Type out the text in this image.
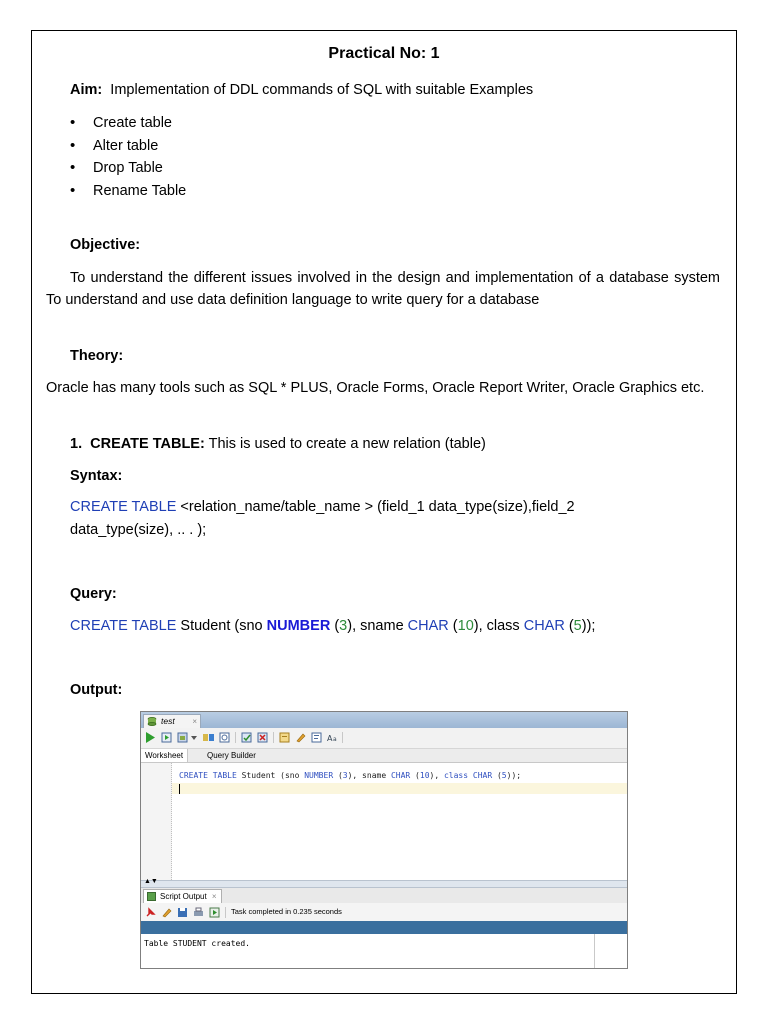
Practical No: 1

Aim: Implementation of DDL commands of SQL with suitable Examples

• Create table
• Alter table
• Drop Table
• Rename Table

Objective:

To understand the different issues involved in the design and implementation of a database system To understand and use data definition language to write query for a database

Theory:

Oracle has many tools such as SQL * PLUS, Oracle Forms, Oracle Report Writer, Oracle Graphics etc.

1. CREATE TABLE: This is used to create a new relation (table)

Syntax:

CREATE TABLE <relation_name/table_name > (field_1 data_type(size),field_2 data_type(size), .. . );

Query:

CREATE TABLE Student (sno NUMBER (3), sname CHAR (10), class CHAR (5));

Output:

test ×
A a
Worksheet	Query Builder
CREATE TABLE Student (sno NUMBER (3), sname CHAR (10), class CHAR (5));
▲▼
Script Output ×
Task completed in 0.235 seconds
Table STUDENT created.
